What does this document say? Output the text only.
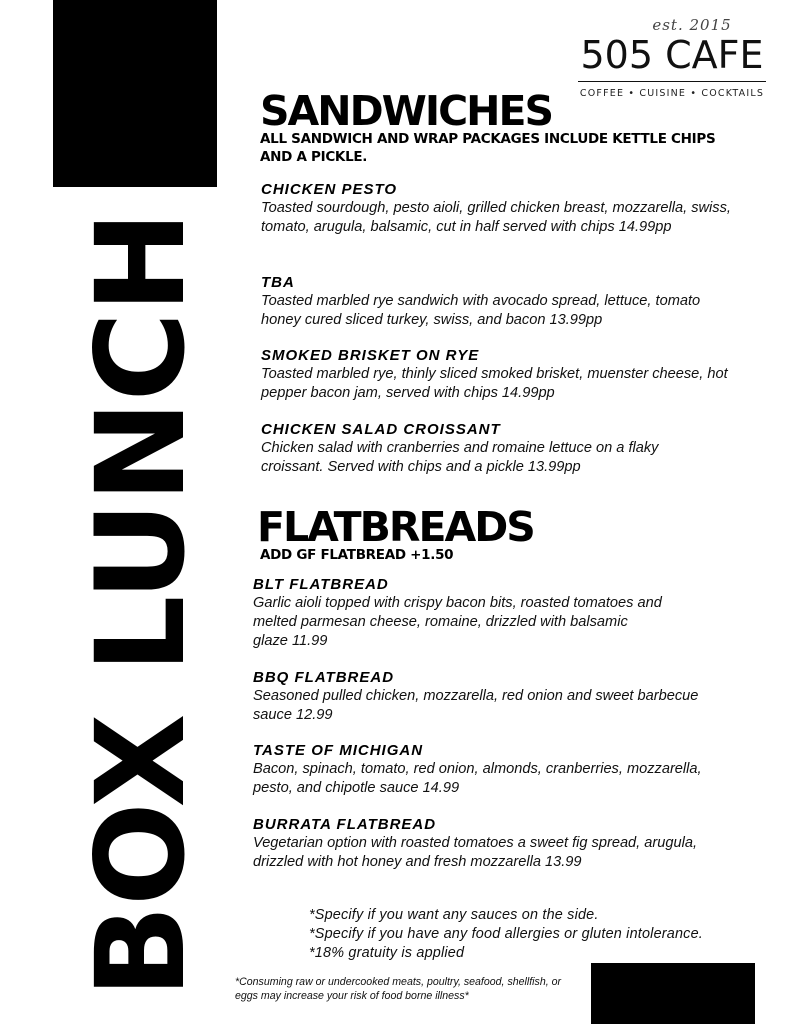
BOX LUNCH
est. 2015
505 CAFE
COFFEE • CUISINE • COCKTAILS
SANDWICHES
ALL SANDWICH AND WRAP PACKAGES INCLUDE KETTLE CHIPS AND A PICKLE.
CHICKEN PESTO
Toasted sourdough, pesto aioli, grilled chicken breast, mozzarella, swiss, tomato, arugula, balsamic, cut in half served with chips 14.99pp
TBA
Toasted marbled rye sandwich with avocado spread, lettuce, tomato honey cured sliced turkey, swiss, and bacon 13.99pp
SMOKED BRISKET ON RYE
Toasted marbled rye, thinly sliced smoked brisket, muenster cheese, hot pepper bacon jam, served with chips 14.99pp
CHICKEN SALAD CROISSANT
Chicken salad with cranberries and romaine lettuce on a flaky croissant. Served with chips and a pickle 13.99pp
FLATBREADS
ADD GF FLATBREAD +1.50
BLT FLATBREAD
Garlic aioli topped with crispy bacon bits, roasted tomatoes and
melted parmesan cheese, romaine, drizzled with balsamic
glaze 11.99
BBQ FLATBREAD
Seasoned pulled chicken, mozzarella, red onion and sweet barbecue sauce 12.99
TASTE OF MICHIGAN
Bacon, spinach, tomato, red onion, almonds, cranberries, mozzarella, pesto, and chipotle sauce 14.99
BURRATA FLATBREAD
Vegetarian option with roasted tomatoes a sweet fig spread, arugula, drizzled with hot honey and fresh mozzarella 13.99
*Specify if you want any sauces on the side.
*Specify if you have any food allergies or gluten intolerance.
*18% gratuity is applied
*Consuming raw or undercooked meats, poultry, seafood, shellfish, or eggs may increase your risk of food borne illness*
